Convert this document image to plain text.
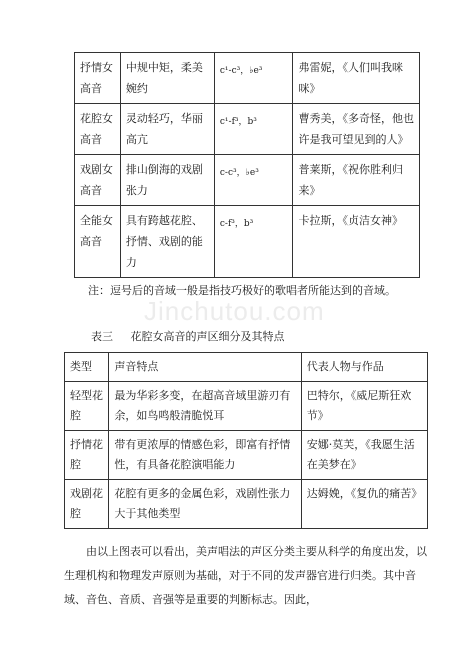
抒情女高音	中规中矩，柔美婉约	c¹-c³，♭e³	弗雷妮，《人们叫我咪咪》
花腔女高音	灵动轻巧，华丽高亢	c¹-f³，b³	曹秀美，《多奇怪，他也许是我可望见到的人》
戏剧女高音	排山倒海的戏剧张力	c-c³，♭e³	普莱斯，《祝你胜利归来》
全能女高音	具有跨越花腔、抒情、戏剧的能力	c-f³，b³	卡拉斯，《贞洁女神》
注：逗号后的音域一般是指技巧极好的歌唱者所能达到的音域。
Jinchutou.com
表三 花腔女高音的声区细分及其特点
类型	声音特点	代表人物与作品
轻型花腔	最为华彩多变，在超高音域里游刃有余，如鸟鸣般清脆悦耳	巴特尔，《威尼斯狂欢节》
抒情花腔	带有更浓厚的情感色彩，即富有抒情性，有具备花腔演唱能力	安娜·莫芙，《我愿生活在美梦在》
戏剧花腔	花腔有更多的金属色彩，戏剧性张力大于其他类型	达姆娩，《复仇的痛苦》

由以上图表可以看出，美声唱法的声区分类主要从科学的角度出发，以生理机构和物理发声原则为基础，对于不同的发声器官进行归类。其中音域、音色、音质、音强等是重要的判断标志。因此，
